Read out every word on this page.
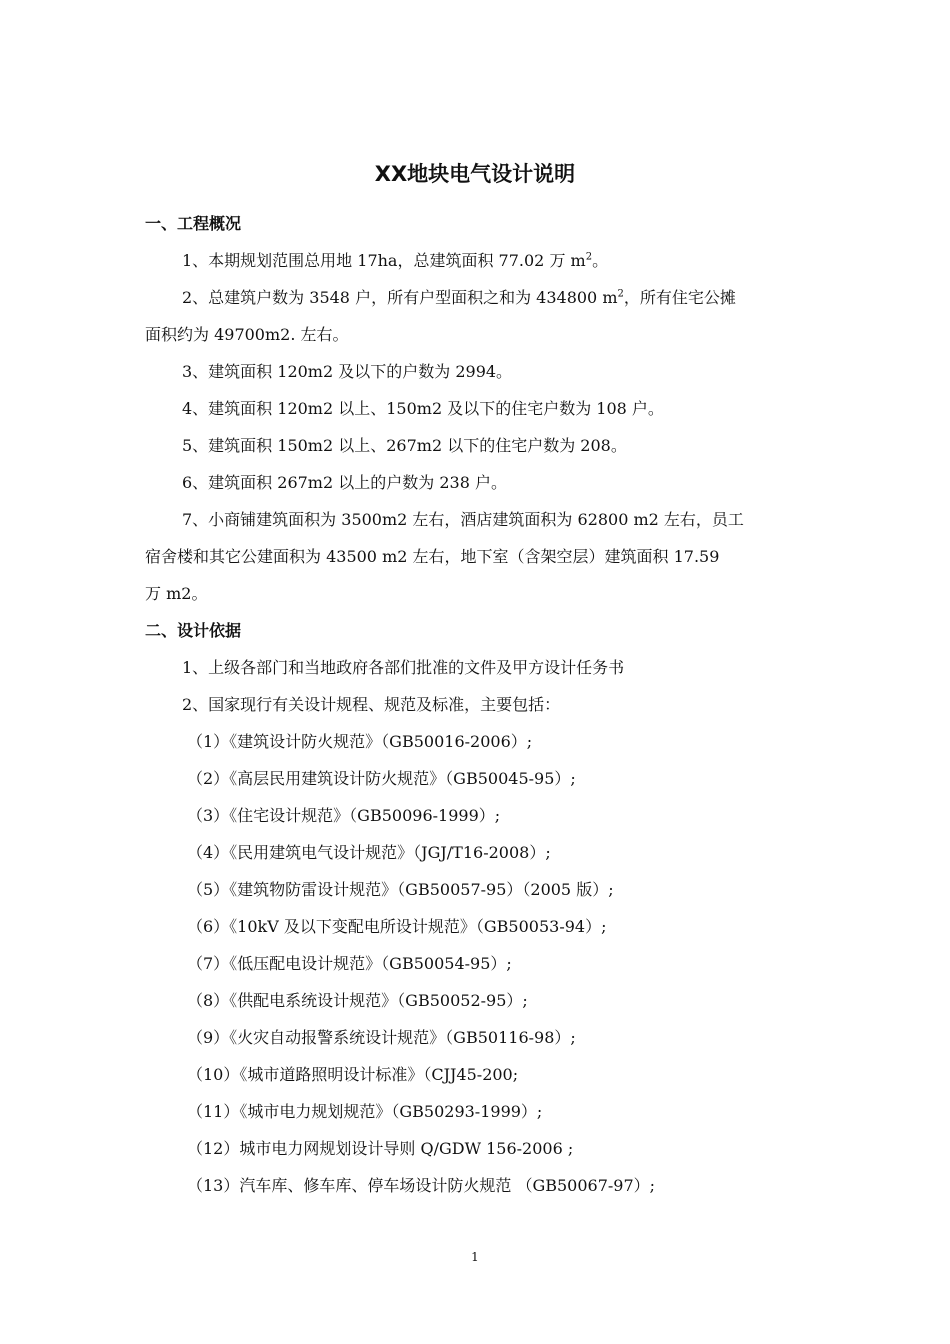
XX地块电气设计说明
一、工程概况
1、本期规划范围总用地 17ha，总建筑面积 77.02 万 $m^2$。
2、总建筑户数为 3548 户，所有户型面积之和为 434800 $m^2$，所有住宅公摊
面积约为 49700m2. 左右。
3、建筑面积 120m2 及以下的户数为 2994。
4、建筑面积 120m2 以上、150m2 及以下的住宅户数为 108 户。
5、建筑面积 150m2 以上、267m2 以下的住宅户数为 208。
6、建筑面积 267m2 以上的户数为 238 户。
7、小商铺建筑面积为 3500m2 左右，酒店建筑面积为 62800 m2 左右，员工
宿舍楼和其它公建面积为 43500 m2 左右，地下室（含架空层）建筑面积 17.59
万 m2。
二、设计依据
1、上级各部门和当地政府各部们批准的文件及甲方设计任务书
2、国家现行有关设计规程、规范及标准，主要包括：
（1）《建筑设计防火规范》（GB50016-2006）;
（2）《高层民用建筑设计防火规范》（GB50045-95）;
（3）《住宅设计规范》（GB50096-1999）;
（4）《民用建筑电气设计规范》（JGJ/T16-2008）;
（5）《建筑物防雷设计规范》（GB50057-95）（2005 版）;
（6）《10kV 及以下变配电所设计规范》（GB50053-94）;
（7）《低压配电设计规范》（GB50054-95）;
（8）《供配电系统设计规范》（GB50052-95）;
（9）《火灾自动报警系统设计规范》（GB50116-98）;
（10）《城市道路照明设计标准》（CJJ45-200;
（11）《城市电力规划规范》（GB50293-1999）;
（12）城市电力网规划设计导则 Q/GDW 156-2006 ;
（13）汽车库、修车库、停车场设计防火规范 （GB50067-97）;
1
